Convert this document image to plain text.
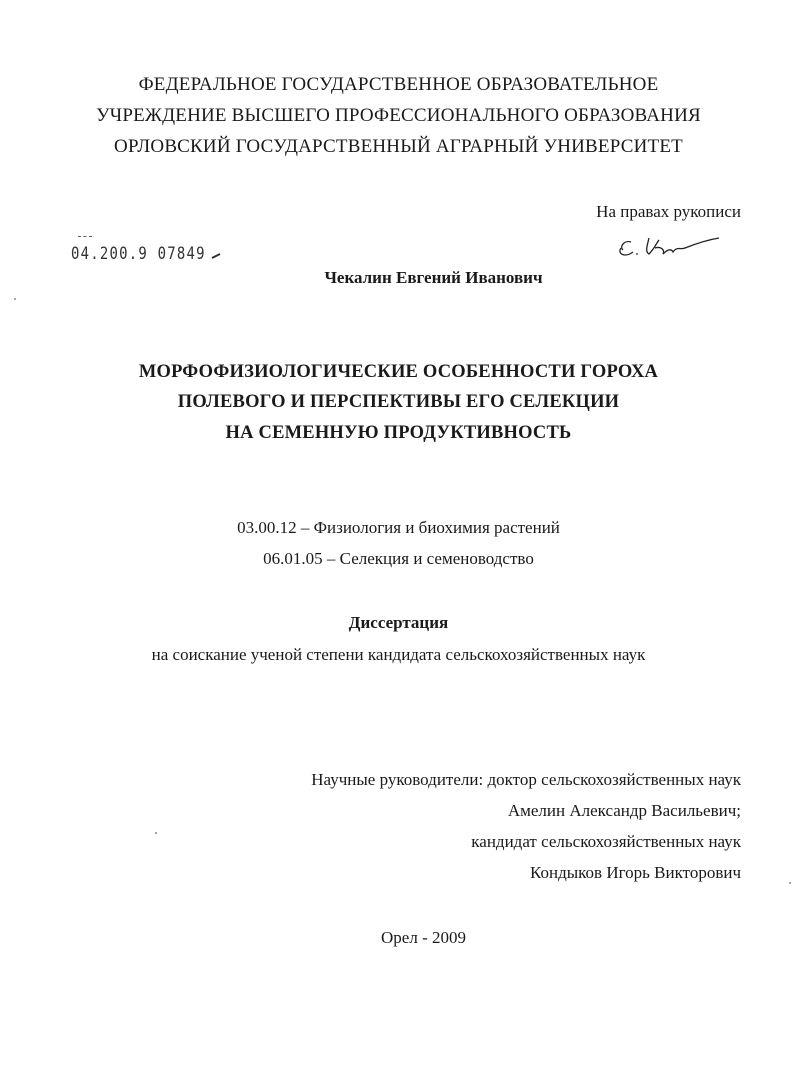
ФЕДЕРАЛЬНОЕ ГОСУДАРСТВЕННОЕ ОБРАЗОВАТЕЛЬНОЕ
УЧРЕЖДЕНИЕ ВЫСШЕГО ПРОФЕССИОНАЛЬНОГО ОБРАЗОВАНИЯ
ОРЛОВСКИЙ ГОСУДАРСТВЕННЫЙ АГРАРНЫЙ УНИВЕРСИТЕТ
На правах рукописи
04.200.9 07849
Чекалин Евгений Иванович
МОРФОФИЗИОЛОГИЧЕСКИЕ ОСОБЕННОСТИ ГОРОХА
ПОЛЕВОГО И ПЕРСПЕКТИВЫ ЕГО СЕЛЕКЦИИ
НА СЕМЕННУЮ ПРОДУКТИВНОСТЬ
03.00.12 – Физиология и биохимия растений
06.01.05 – Селекция и семеноводство
Диссертация
на соискание ученой степени кандидата сельскохозяйственных наук
Научные руководители: доктор сельскохозяйственных наук
Амелин Александр Васильевич;
кандидат сельскохозяйственных наук
Кондыков Игорь Викторович
Орел - 2009
